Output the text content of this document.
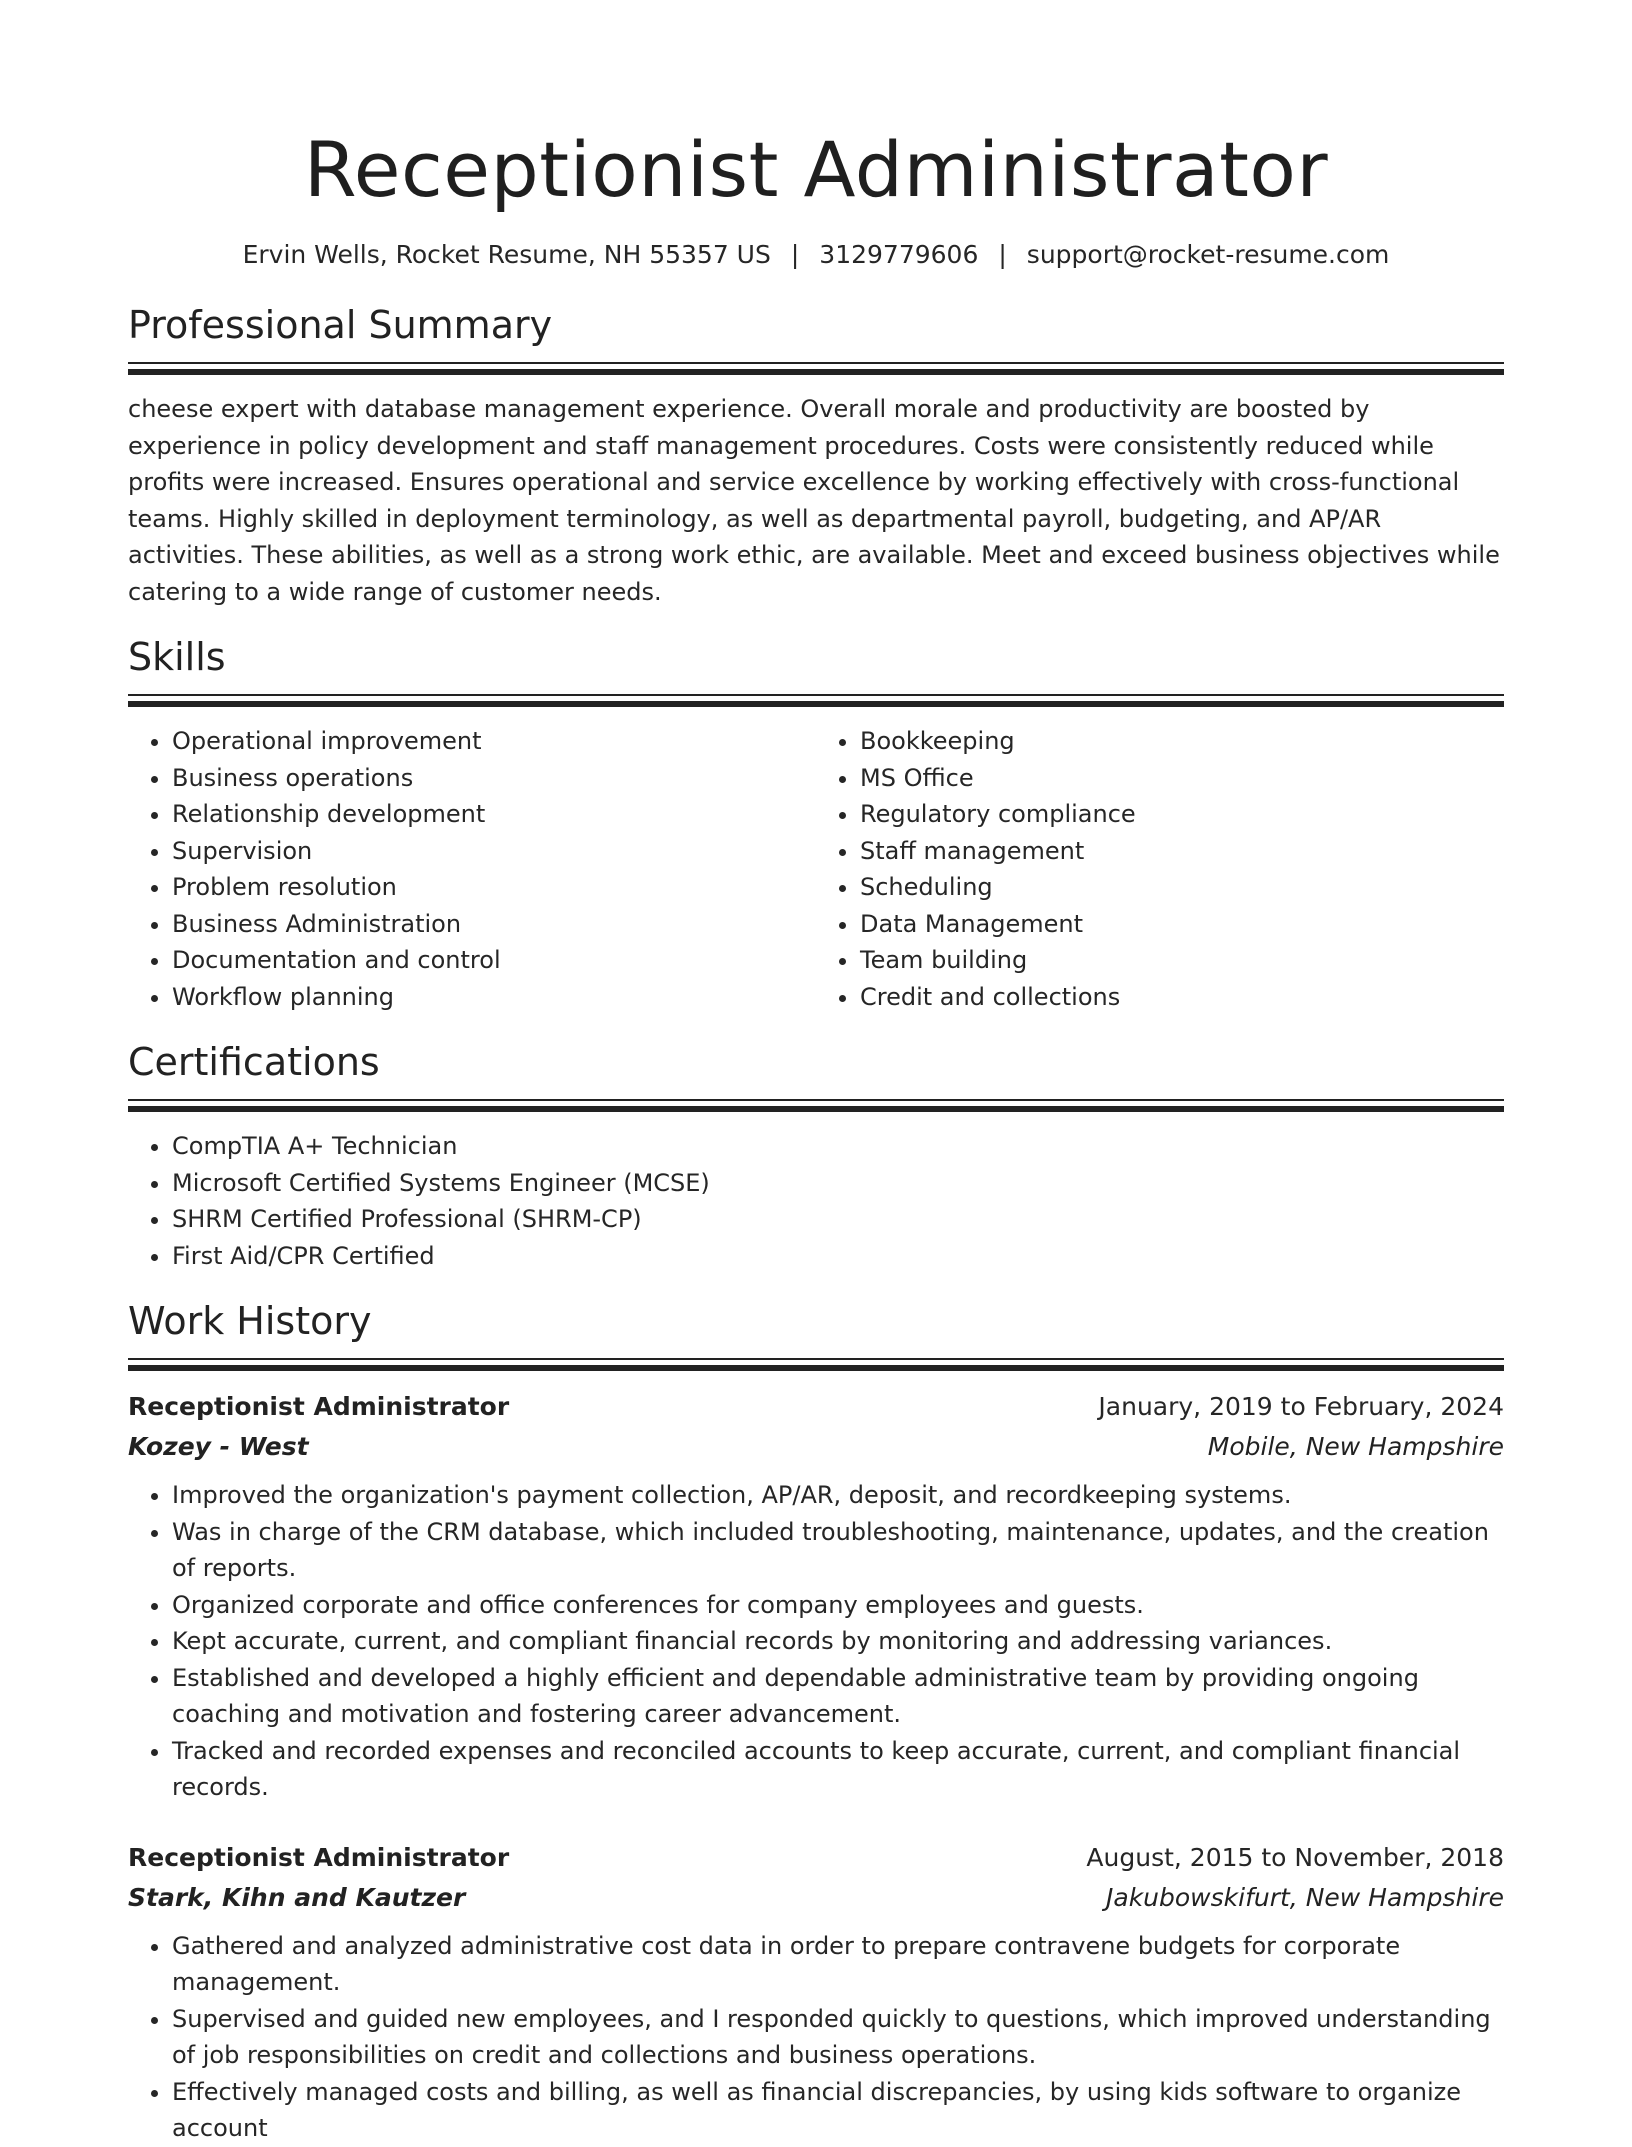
Receptionist Administrator
Ervin Wells, Rocket Resume, NH 55357 US | 3129779606 | support@rocket-resume.com
Professional Summary

cheese expert with database management experience. Overall morale and productivity are boosted by experience in policy development and staff management procedures. Costs were consistently reduced while profits were increased. Ensures operational and service excellence by working effectively with cross-functional teams. Highly skilled in deployment terminology, as well as departmental payroll, budgeting, and AP/AR activities. These abilities, as well as a strong work ethic, are available. Meet and exceed business objectives while catering to a wide range of customer needs.

Skills
• Operational improvement
• Business operations
• Relationship development
• Supervision
• Problem resolution
• Business Administration
• Documentation and control
• Workflow planning
• Bookkeeping
• MS Office
• Regulatory compliance
• Staff management
• Scheduling
• Data Management
• Team building
• Credit and collections
Certifications
• CompTIA A+ Technician
• Microsoft Certified Systems Engineer (MCSE)
• SHRM Certified Professional (SHRM-CP)
• First Aid/CPR Certified
Work History
Receptionist Administrator	January, 2019 to February, 2024
Kozey - West	Mobile, New Hampshire
• Improved the organization's payment collection, AP/AR, deposit, and recordkeeping systems.
• Was in charge of the CRM database, which included troubleshooting, maintenance, updates, and the creation of reports.
• Organized corporate and office conferences for company employees and guests.
• Kept accurate, current, and compliant financial records by monitoring and addressing variances.
• Established and developed a highly efficient and dependable administrative team by providing ongoing coaching and motivation and fostering career advancement.
• Tracked and recorded expenses and reconciled accounts to keep accurate, current, and compliant financial records.
Receptionist Administrator	August, 2015 to November, 2018
Stark, Kihn and Kautzer	Jakubowskifurt, New Hampshire
• Gathered and analyzed administrative cost data in order to prepare contravene budgets for corporate management.
• Supervised and guided new employees, and I responded quickly to questions, which improved understanding of job responsibilities on credit and collections and business operations.
• Effectively managed costs and billing, as well as financial discrepancies, by using kids software to organize account
